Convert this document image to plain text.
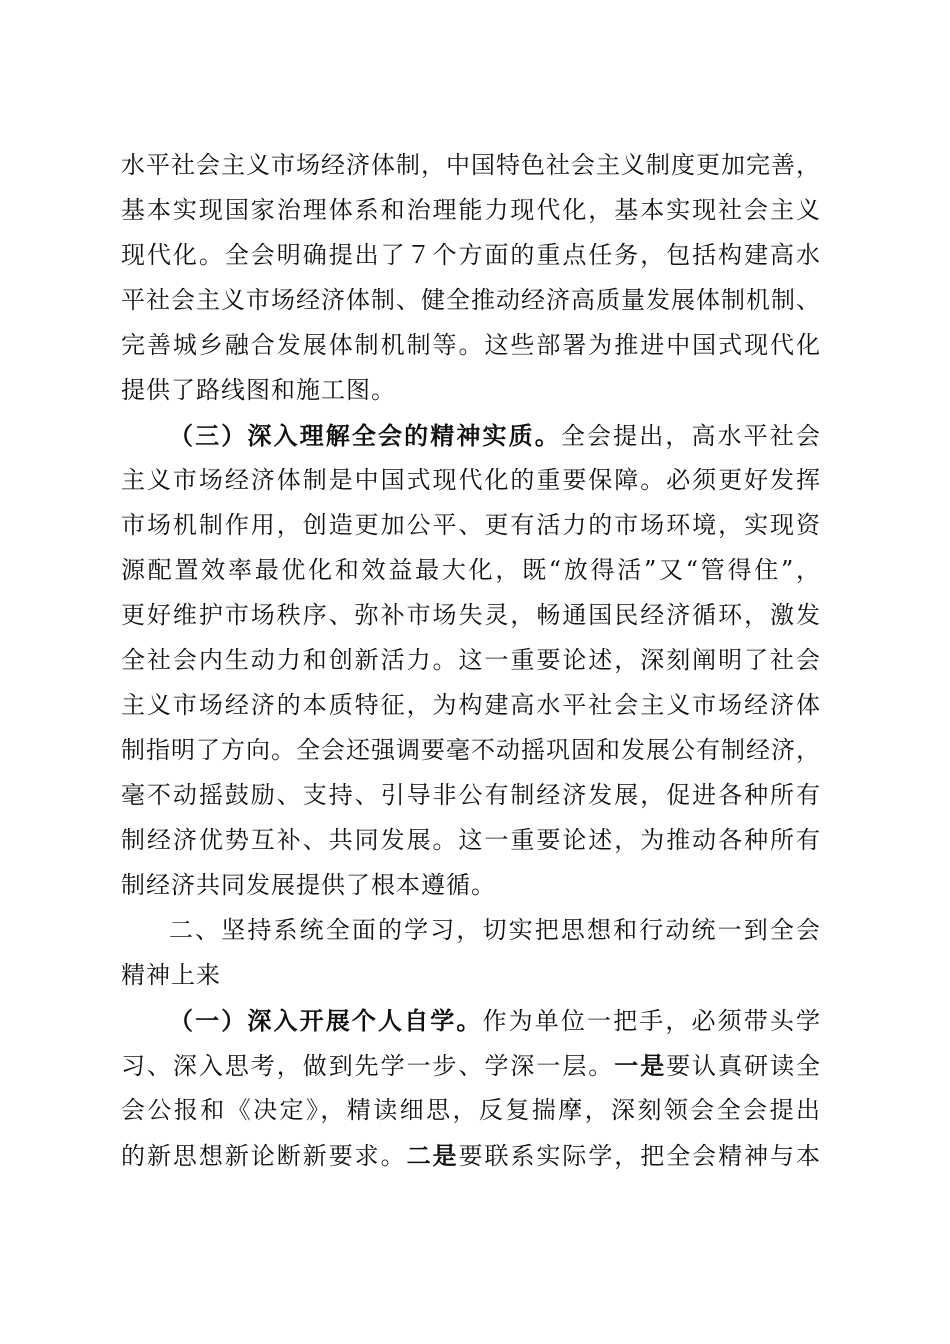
水平社会主义市场经济体制，中国特色社会主义制度更加完善，
基本实现国家治理体系和治理能力现代化，基本实现社会主义
现代化。全会明确提出了７个方面的重点任务，包括构建高水
平社会主义市场经济体制、健全推动经济高质量发展体制机制、
完善城乡融合发展体制机制等。这些部署为推进中国式现代化
提供了路线图和施工图。
（三）深入理解全会的精神实质。全会提出，高水平社会
主义市场经济体制是中国式现代化的重要保障。必须更好发挥
市场机制作用，创造更加公平、更有活力的市场环境，实现资
源配置效率最优化和效益最大化，既“放得活”又“管得住”，
更好维护市场秩序、弥补市场失灵，畅通国民经济循环，激发
全社会内生动力和创新活力。这一重要论述，深刻阐明了社会
主义市场经济的本质特征，为构建高水平社会主义市场经济体
制指明了方向。全会还强调要毫不动摇巩固和发展公有制经济，
毫不动摇鼓励、支持、引导非公有制经济发展，促进各种所有
制经济优势互补、共同发展。这一重要论述，为推动各种所有
制经济共同发展提供了根本遵循。
二、坚持系统全面的学习，切实把思想和行动统一到全会
精神上来
（一）深入开展个人自学。作为单位一把手，必须带头学
习、深入思考，做到先学一步、学深一层。一是要认真研读全
会公报和《决定》，精读细思，反复揣摩，深刻领会全会提出
的新思想新论断新要求。二是要联系实际学，把全会精神与本
